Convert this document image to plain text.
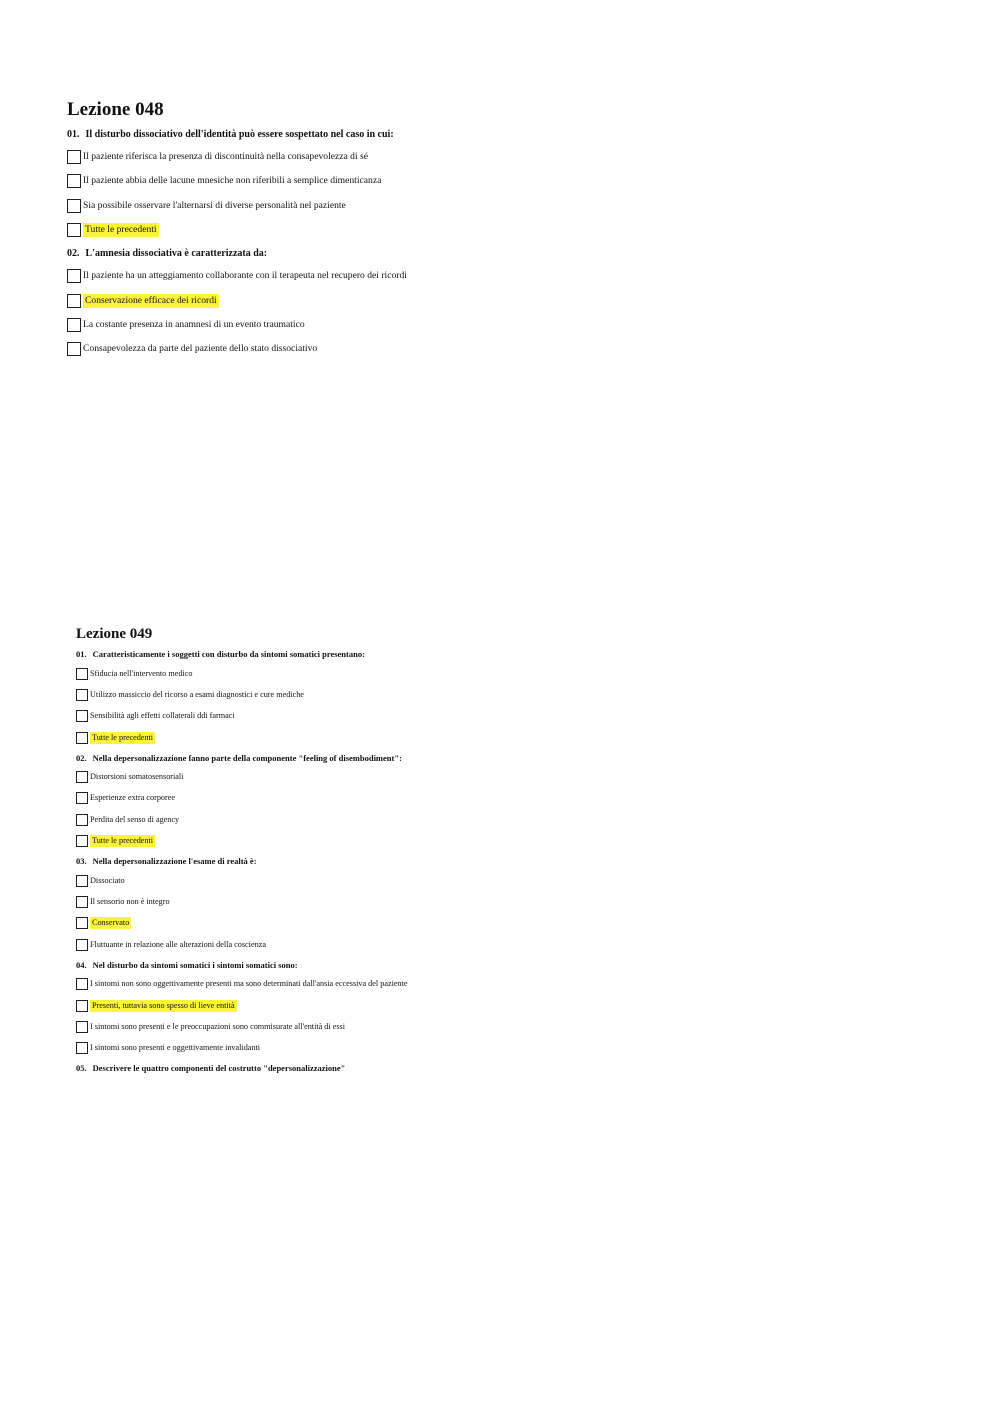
Lezione 048

01. Il disturbo dissociativo dell'identità può essere sospettato nel caso in cui:

Il paziente riferisca la presenza di discontinuità nella consapevolezza di sé
Il paziente abbia delle lacune mnesiche non riferibili a semplice dimenticanza
Sia possibile osservare l'alternarsi di diverse personalità nel paziente
Tutte le precedenti

02. L'amnesia dissociativa è caratterizzata da:

Il paziente ha un atteggiamento collaborante con il terapeuta nel recupero dei ricordi
Conservazione efficace dei ricordi
La costante presenza in anamnesi di un evento traumatico
Consapevolezza da parte del paziente dello stato dissociativo
Lezione 049

01. Caratteristicamente i soggetti con disturbo da sintomi somatici presentano:

Sfiducia nell'intervento medico
Utilizzo massiccio del ricorso a esami diagnostici e cure mediche
Sensibilità agli effetti collaterali ddi farmaci
Tutte le precedenti

02. Nella depersonalizzazione fanno parte della componente "feeling of disembodiment":

Distorsioni somatosensoriali
Esperienze extra corporee
Perdita del senso di agency
Tutte le precedenti

03. Nella depersonalizzazione l'esame di realtà è:

Dissociato
Il sensorio non è integro
Conservato
Fluttuante in relazione alle alterazioni della coscienza

04. Nel disturbo da sintomi somatici i sintomi somatici sono:

I sintomi non sono oggettivamente presenti ma sono determinati dall'ansia eccessiva del paziente
Presenti, tuttavia sono spesso di lieve entità
I sintomi sono presenti e le preoccupazioni sono commisurate all'entità di essi
I sintomi sono presenti e oggettivamente invalidanti

05. Descrivere le quattro componenti del costrutto "depersonalizzazione"
